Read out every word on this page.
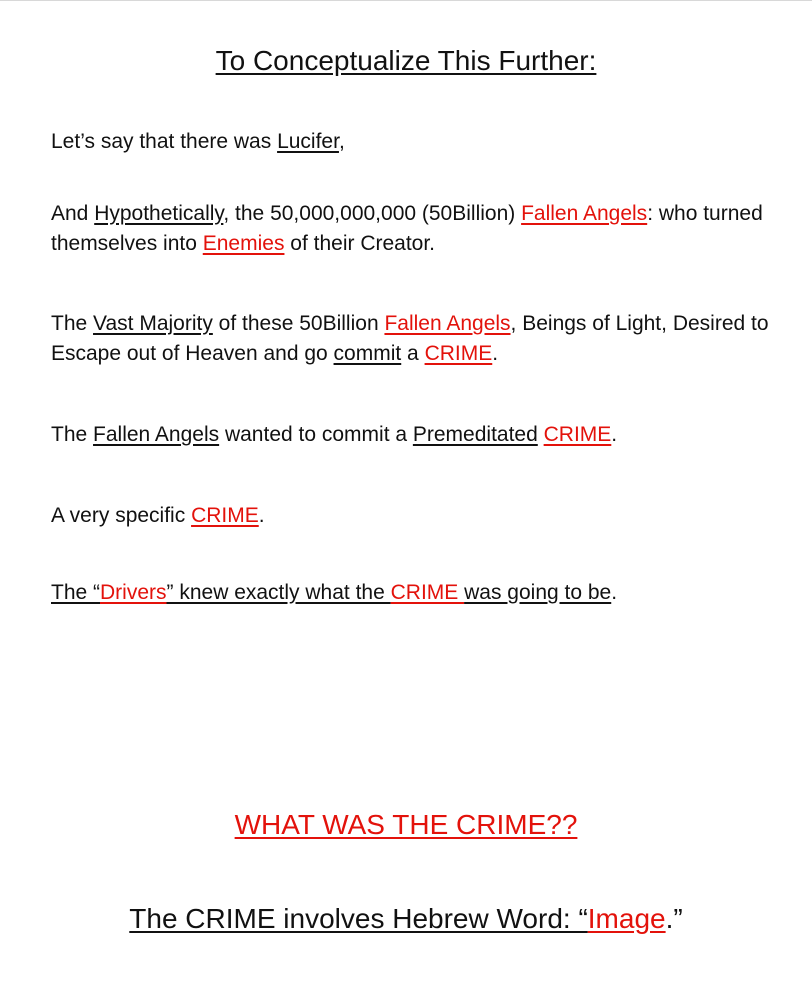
To Conceptualize This Further:
Let’s say that there was Lucifer,
And Hypothetically, the 50,000,000,000 (50Billion) Fallen Angels: who turned themselves into Enemies of their Creator.
The Vast Majority of these 50Billion Fallen Angels, Beings of Light, Desired to Escape out of Heaven and go commit a CRIME.
The Fallen Angels wanted to commit a Premeditated CRIME.
A very specific CRIME.
The “Drivers” knew exactly what the CRIME was going to be.
WHAT WAS THE CRIME??
The CRIME involves Hebrew Word: “Image.”
